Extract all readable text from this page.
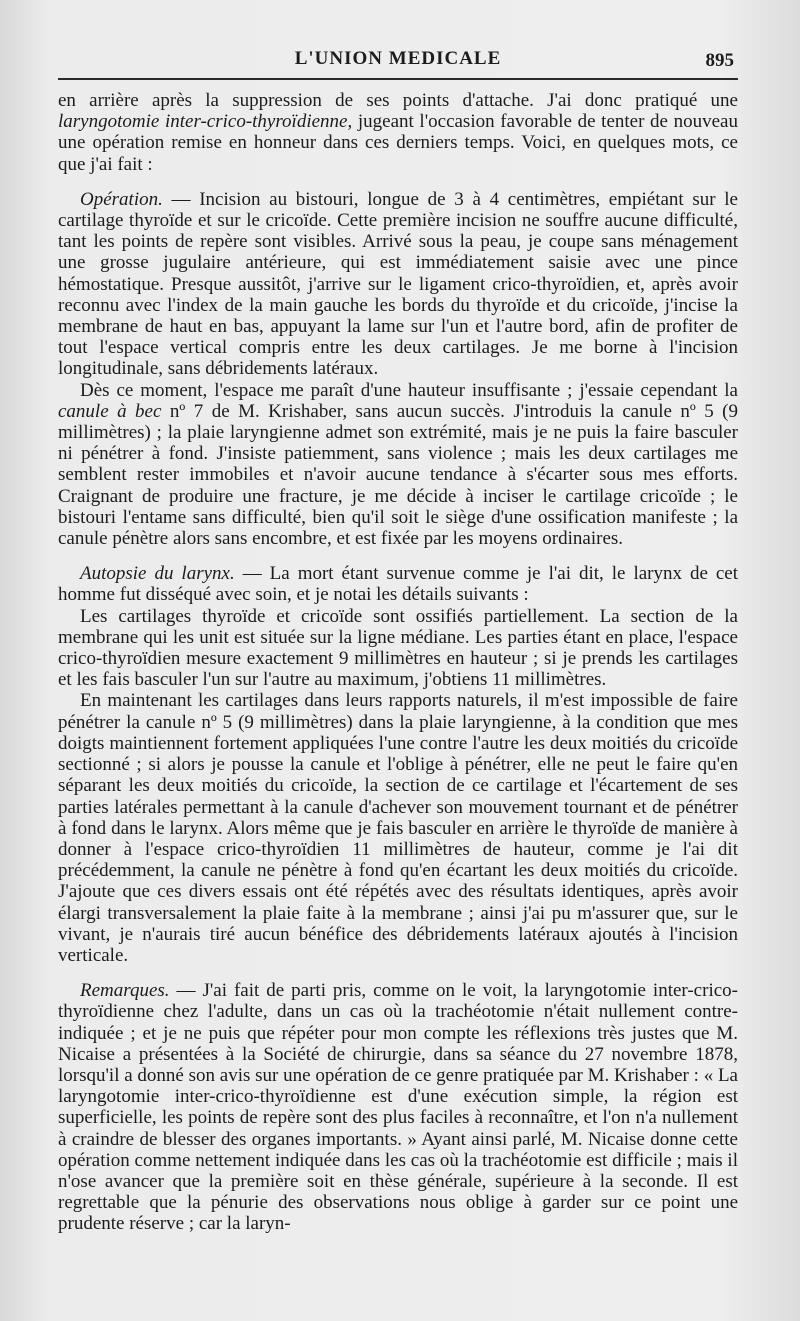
L'UNION MEDICALE	895

en arrière après la suppression de ses points d'attache. J'ai donc pratiqué une laryngotomie inter-crico-thyroïdienne, jugeant l'occasion favorable de tenter de nouveau une opération remise en honneur dans ces derniers temps. Voici, en quelques mots, ce que j'ai fait :

Opération. — Incision au bistouri, longue de 3 à 4 centimètres, empiétant sur le cartilage thyroïde et sur le cricoïde. Cette première incision ne souffre aucune difficulté, tant les points de repère sont visibles. Arrivé sous la peau, je coupe sans ménagement une grosse jugulaire antérieure, qui est immédiatement saisie avec une pince hémostatique. Presque aussitôt, j'arrive sur le ligament crico-thyroïdien, et, après avoir reconnu avec l'index de la main gauche les bords du thyroïde et du cricoïde, j'incise la membrane de haut en bas, appuyant la lame sur l'un et l'autre bord, afin de profiter de tout l'espace vertical compris entre les deux cartilages. Je me borne à l'incision longitudinale, sans débridements latéraux.

Dès ce moment, l'espace me paraît d'une hauteur insuffisante ; j'essaie cependant la canule à bec nº 7 de M. Krishaber, sans aucun succès. J'introduis la canule nº 5 (9 millimètres) ; la plaie laryngienne admet son extrémité, mais je ne puis la faire basculer ni pénétrer à fond. J'insiste patiemment, sans violence ; mais les deux cartilages me semblent rester immobiles et n'avoir aucune tendance à s'écarter sous mes efforts. Craignant de produire une fracture, je me décide à inciser le cartilage cricoïde ; le bistouri l'entame sans difficulté, bien qu'il soit le siège d'une ossification manifeste ; la canule pénètre alors sans encombre, et est fixée par les moyens ordinaires.

Autopsie du larynx. — La mort étant survenue comme je l'ai dit, le larynx de cet homme fut disséqué avec soin, et je notai les détails suivants :

Les cartilages thyroïde et cricoïde sont ossifiés partiellement. La section de la membrane qui les unit est située sur la ligne médiane. Les parties étant en place, l'espace crico-thyroïdien mesure exactement 9 millimètres en hauteur ; si je prends les cartilages et les fais basculer l'un sur l'autre au maximum, j'obtiens 11 millimètres.

En maintenant les cartilages dans leurs rapports naturels, il m'est impossible de faire pénétrer la canule nº 5 (9 millimètres) dans la plaie laryngienne, à la condition que mes doigts maintiennent fortement appliquées l'une contre l'autre les deux moitiés du cricoïde sectionné ; si alors je pousse la canule et l'oblige à pénétrer, elle ne peut le faire qu'en séparant les deux moitiés du cricoïde, la section de ce cartilage et l'écartement de ses parties latérales permettant à la canule d'achever son mouvement tournant et de pénétrer à fond dans le larynx. Alors même que je fais basculer en arrière le thyroïde de manière à donner à l'espace crico-thyroïdien 11 millimètres de hauteur, comme je l'ai dit précédemment, la canule ne pénètre à fond qu'en écartant les deux moitiés du cricoïde. J'ajoute que ces divers essais ont été répétés avec des résultats identiques, après avoir élargi transversalement la plaie faite à la membrane ; ainsi j'ai pu m'assurer que, sur le vivant, je n'aurais tiré aucun bénéfice des débridements latéraux ajoutés à l'incision verticale.

Remarques. — J'ai fait de parti pris, comme on le voit, la laryngotomie inter-crico-thyroïdienne chez l'adulte, dans un cas où la trachéotomie n'était nullement contre-indiquée ; et je ne puis que répéter pour mon compte les réflexions très justes que M. Nicaise a présentées à la Société de chirurgie, dans sa séance du 27 novembre 1878, lorsqu'il a donné son avis sur une opération de ce genre pratiquée par M. Krishaber : « La laryngotomie inter-crico-thyroïdienne est d'une exécution simple, la région est superficielle, les points de repère sont des plus faciles à reconnaître, et l'on n'a nullement à craindre de blesser des organes importants. » Ayant ainsi parlé, M. Nicaise donne cette opération comme nettement indiquée dans les cas où la trachéotomie est difficile ; mais il n'ose avancer que la première soit en thèse générale, supérieure à la seconde. Il est regrettable que la pénurie des observations nous oblige à garder sur ce point une prudente réserve ; car la laryn-
